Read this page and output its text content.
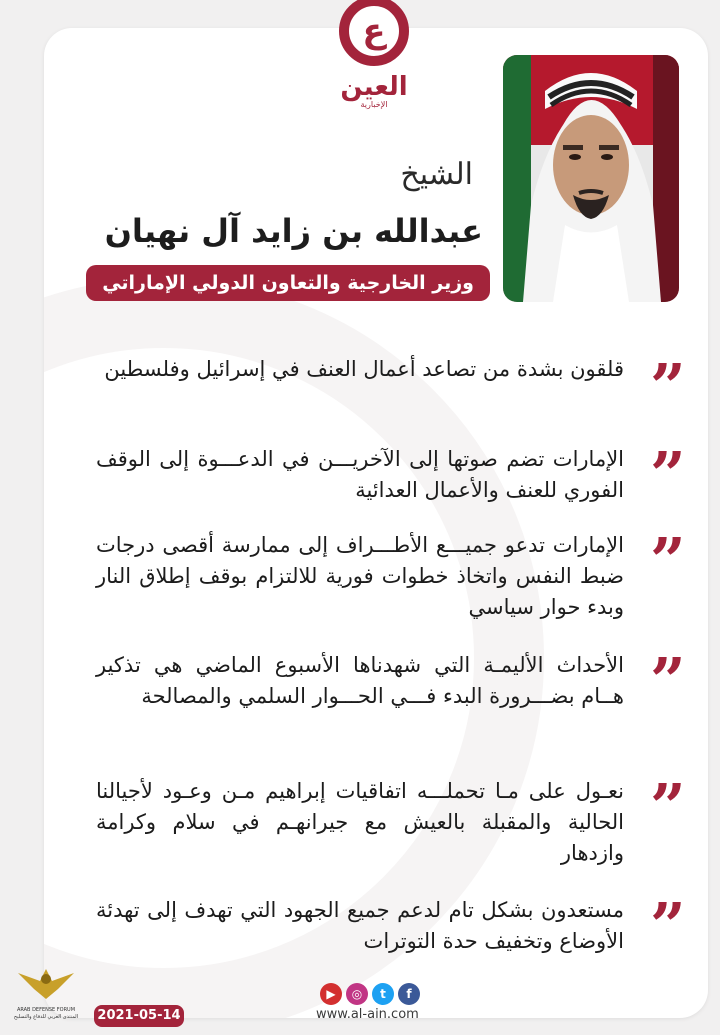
ع
العين
الإخبارية
الشيخ
عبدالله بن زايد آل نهيان
وزير الخارجية والتعاون الدولي الإماراتي
قلقون بشدة من تصاعد أعمال العنف في إسرائيل وفلسطين
الإمارات تضم صوتها إلى الآخريـــن في الدعـــوة إلى الوقف الفوري للعنف والأعمال العدائية
الإمارات تدعو جميـــع الأطـــراف إلى ممارسة أقصى درجات ضبط النفس واتخاذ خطوات فورية للالتزام بوقف إطلاق النار وبدء حوار سياسي
الأحداث الأليمـة التي شهدناها الأسبوع الماضي هي تذكير هــام بضـــرورة البدء فـــي الحـــوار السلمي والمصالحة
نعـول على مـا تحملـــه اتفاقيات إبراهيم مـن وعـود لأجيالنا الحالية والمقبلة بالعيش مع جيرانهـم في سلام وكرامة وازدهار
مستعدون بشكل تام لدعم جميع الجهود التي تهدف إلى تهدئة الأوضاع وتخفيف حدة التوترات
▶	◎	t	f
www.al-ain.com
2021-05-14
ARAB DEFENSE FORUM
المنتدى العربي للدفاع والتسليح
